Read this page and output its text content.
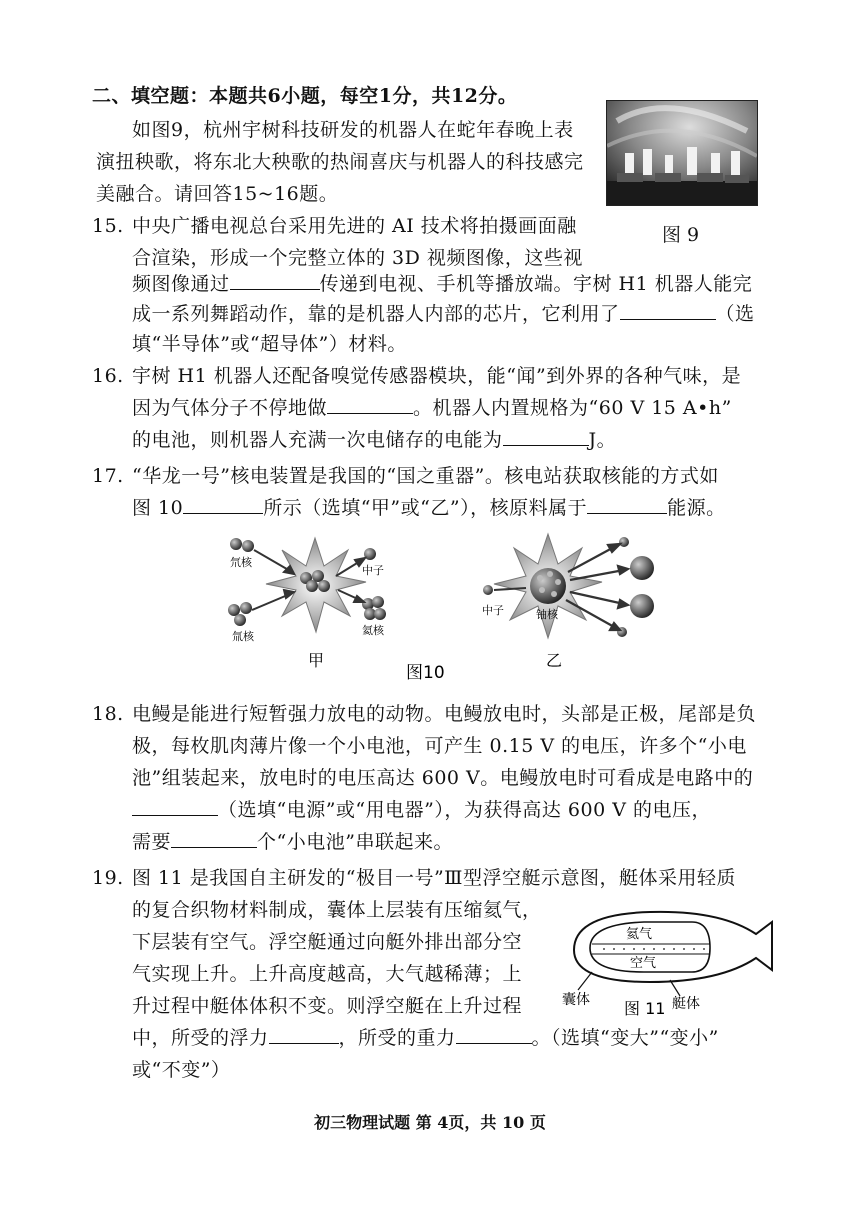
二、填空题：本题共6小题，每空1分，共12分。
如图9，杭州宇树科技研发的机器人在蛇年春晚上表
演扭秧歌，将东北大秧歌的热闹喜庆与机器人的科技感完
美融合。请回答15~16题。
图 9
15. 中央广播电视总台采用先进的 AI 技术将拍摄画面融
合渲染，形成一个完整立体的 3D 视频图像，这些视
频图像通过	传递到电视、手机等播放端。宇树 H1 机器人能完
成一系列舞蹈动作，靠的是机器人内部的芯片，它利用了	（选
填“半导体”或“超导体”）材料。
16. 宇树 H1 机器人还配备嗅觉传感器模块，能“闻”到外界的各种气味，是
因为气体分子不停地做	。机器人内置规格为“60 V 15 A•h”
的电池，则机器人充满一次电储存的电能为	J。
17. “华龙一号”核电装置是我国的“国之重器”。核电站获取核能的方式如
图 10	所示（选填“甲”或“乙”），核原料属于	能源。
氘核
氚核
中子
氦核
甲
中子	铀核
乙
图10
18. 电鳗是能进行短暂强力放电的动物。电鳗放电时，头部是正极，尾部是负
极，每枚肌肉薄片像一个小电池，可产生 0.15 V 的电压，许多个“小电
池”组装起来，放电时的电压高达 600 V。电鳗放电时可看成是电路中的
（选填“电源”或“用电器”），为获得高达 600 V 的电压，
需要	个“小电池”串联起来。
19. 图 11 是我国自主研发的“极目一号”Ⅲ型浮空艇示意图，艇体采用轻质
的复合织物材料制成，囊体上层装有压缩氦气，
下层装有空气。浮空艇通过向艇外排出部分空
气实现上升。上升高度越高，大气越稀薄；上
升过程中艇体体积不变。则浮空艇在上升过程
中，所受的浮力	，所受的重力	。（选填“变大”“变小”
或“不变”）
氦气
空气
囊体 图 11 艇体
初三物理试题 第 4页，共 10 页
